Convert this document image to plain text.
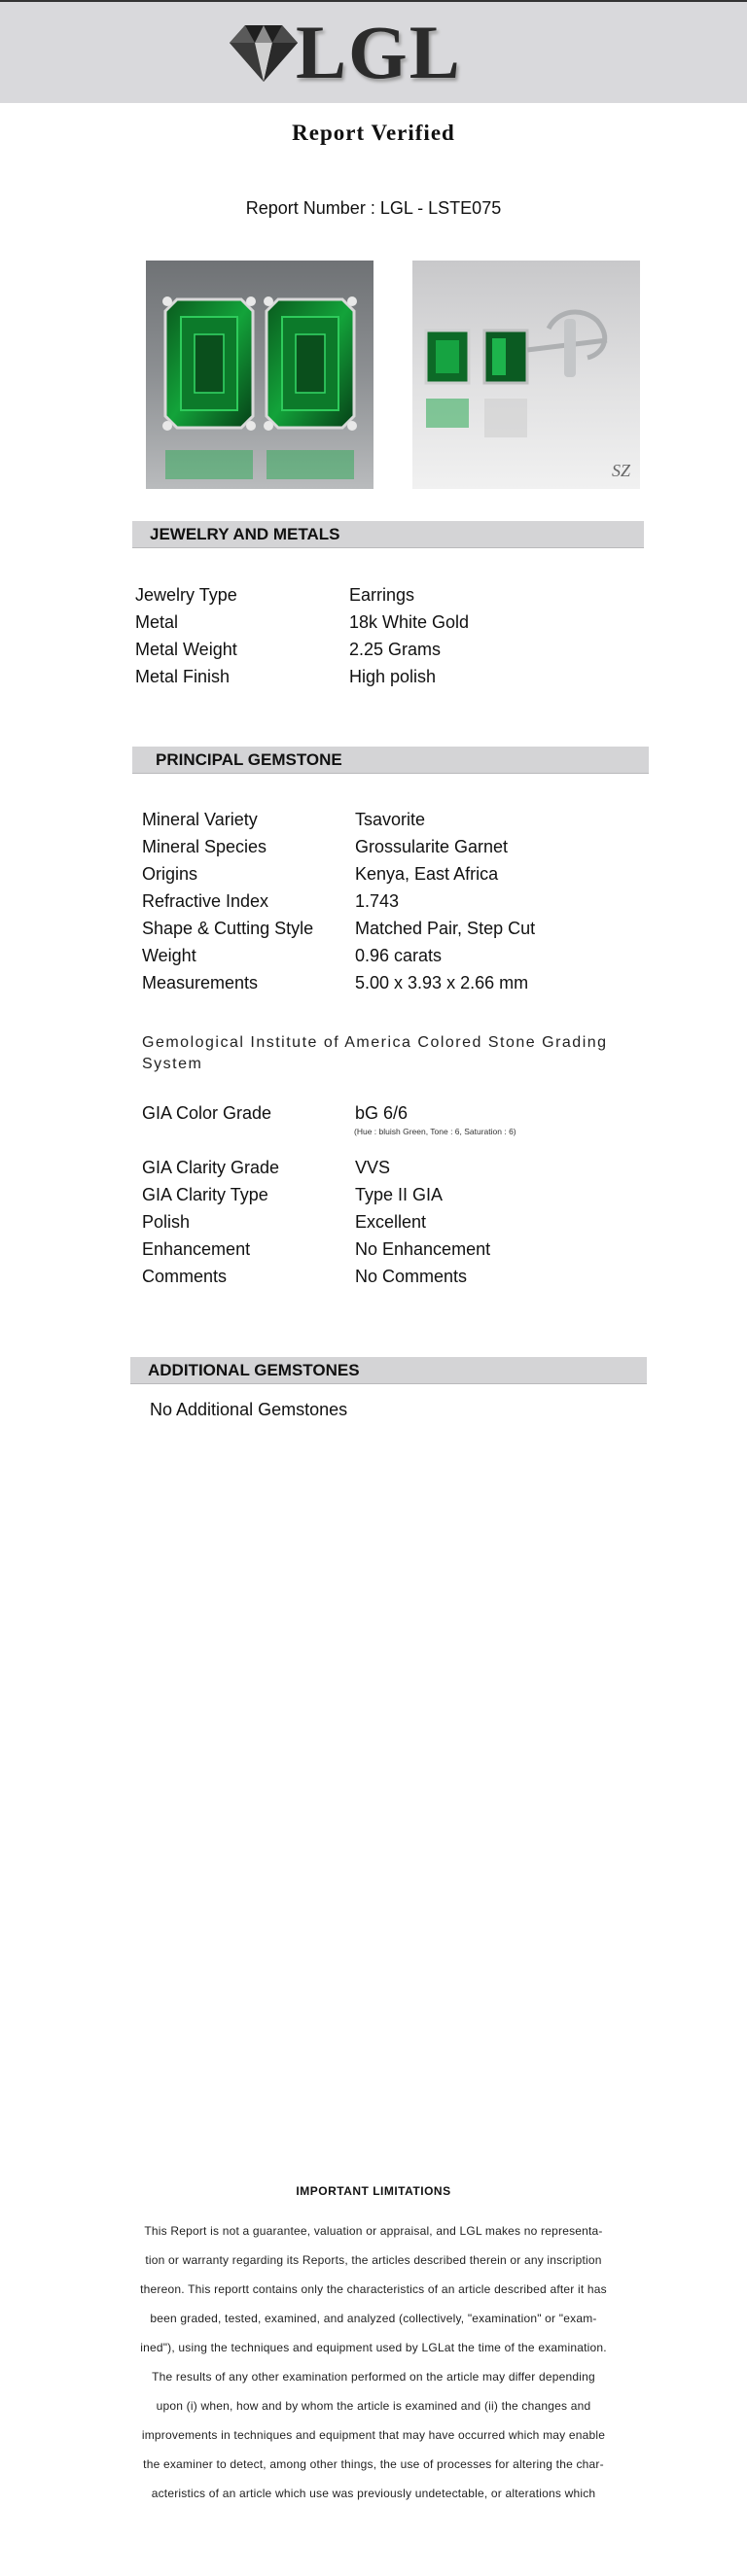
LGL
Report Verified
Report Number : LGL - LSTE075
SZ
JEWELRY AND METALS
Jewelry Type	Earrings
Metal	18k White Gold
Metal Weight	2.25 Grams
Metal Finish	High polish
PRINCIPAL GEMSTONE
Mineral Variety	Tsavorite
Mineral Species	Grossularite Garnet
Origins	Kenya, East Africa
Refractive Index	1.743
Shape & Cutting Style	Matched Pair, Step Cut
Weight	0.96 carats
Measurements	5.00 x 3.93 x 2.66 mm
Gemological Institute of America Colored Stone Grading System
GIA Color Grade	bG 6/6
(Hue : bluish Green, Tone : 6, Saturation : 6)
GIA Clarity Grade	VVS
GIA Clarity Type	Type II GIA
Polish	Excellent
Enhancement	No Enhancement
Comments	No Comments
ADDITIONAL GEMSTONES
No Additional Gemstones
IMPORTANT LIMITATIONS
This Report is not a guarantee, valuation or appraisal, and LGL makes no representa-
tion or warranty regarding its Reports, the articles described therein or any inscription
thereon. This reportt contains only the characteristics of an article described after it has
been graded, tested, examined, and analyzed (collectively, "examination" or "exam-
ined"), using the techniques and equipment used by LGLat the time of the examination.
The results of any other examination performed on the article may differ depending
upon (i) when, how and by whom the article is examined and (ii) the changes and
improvements in techniques and equipment that may have occurred which may enable
the examiner to detect, among other things, the use of processes for altering the char-
acteristics of an article which use was previously undetectable, or alterations which
